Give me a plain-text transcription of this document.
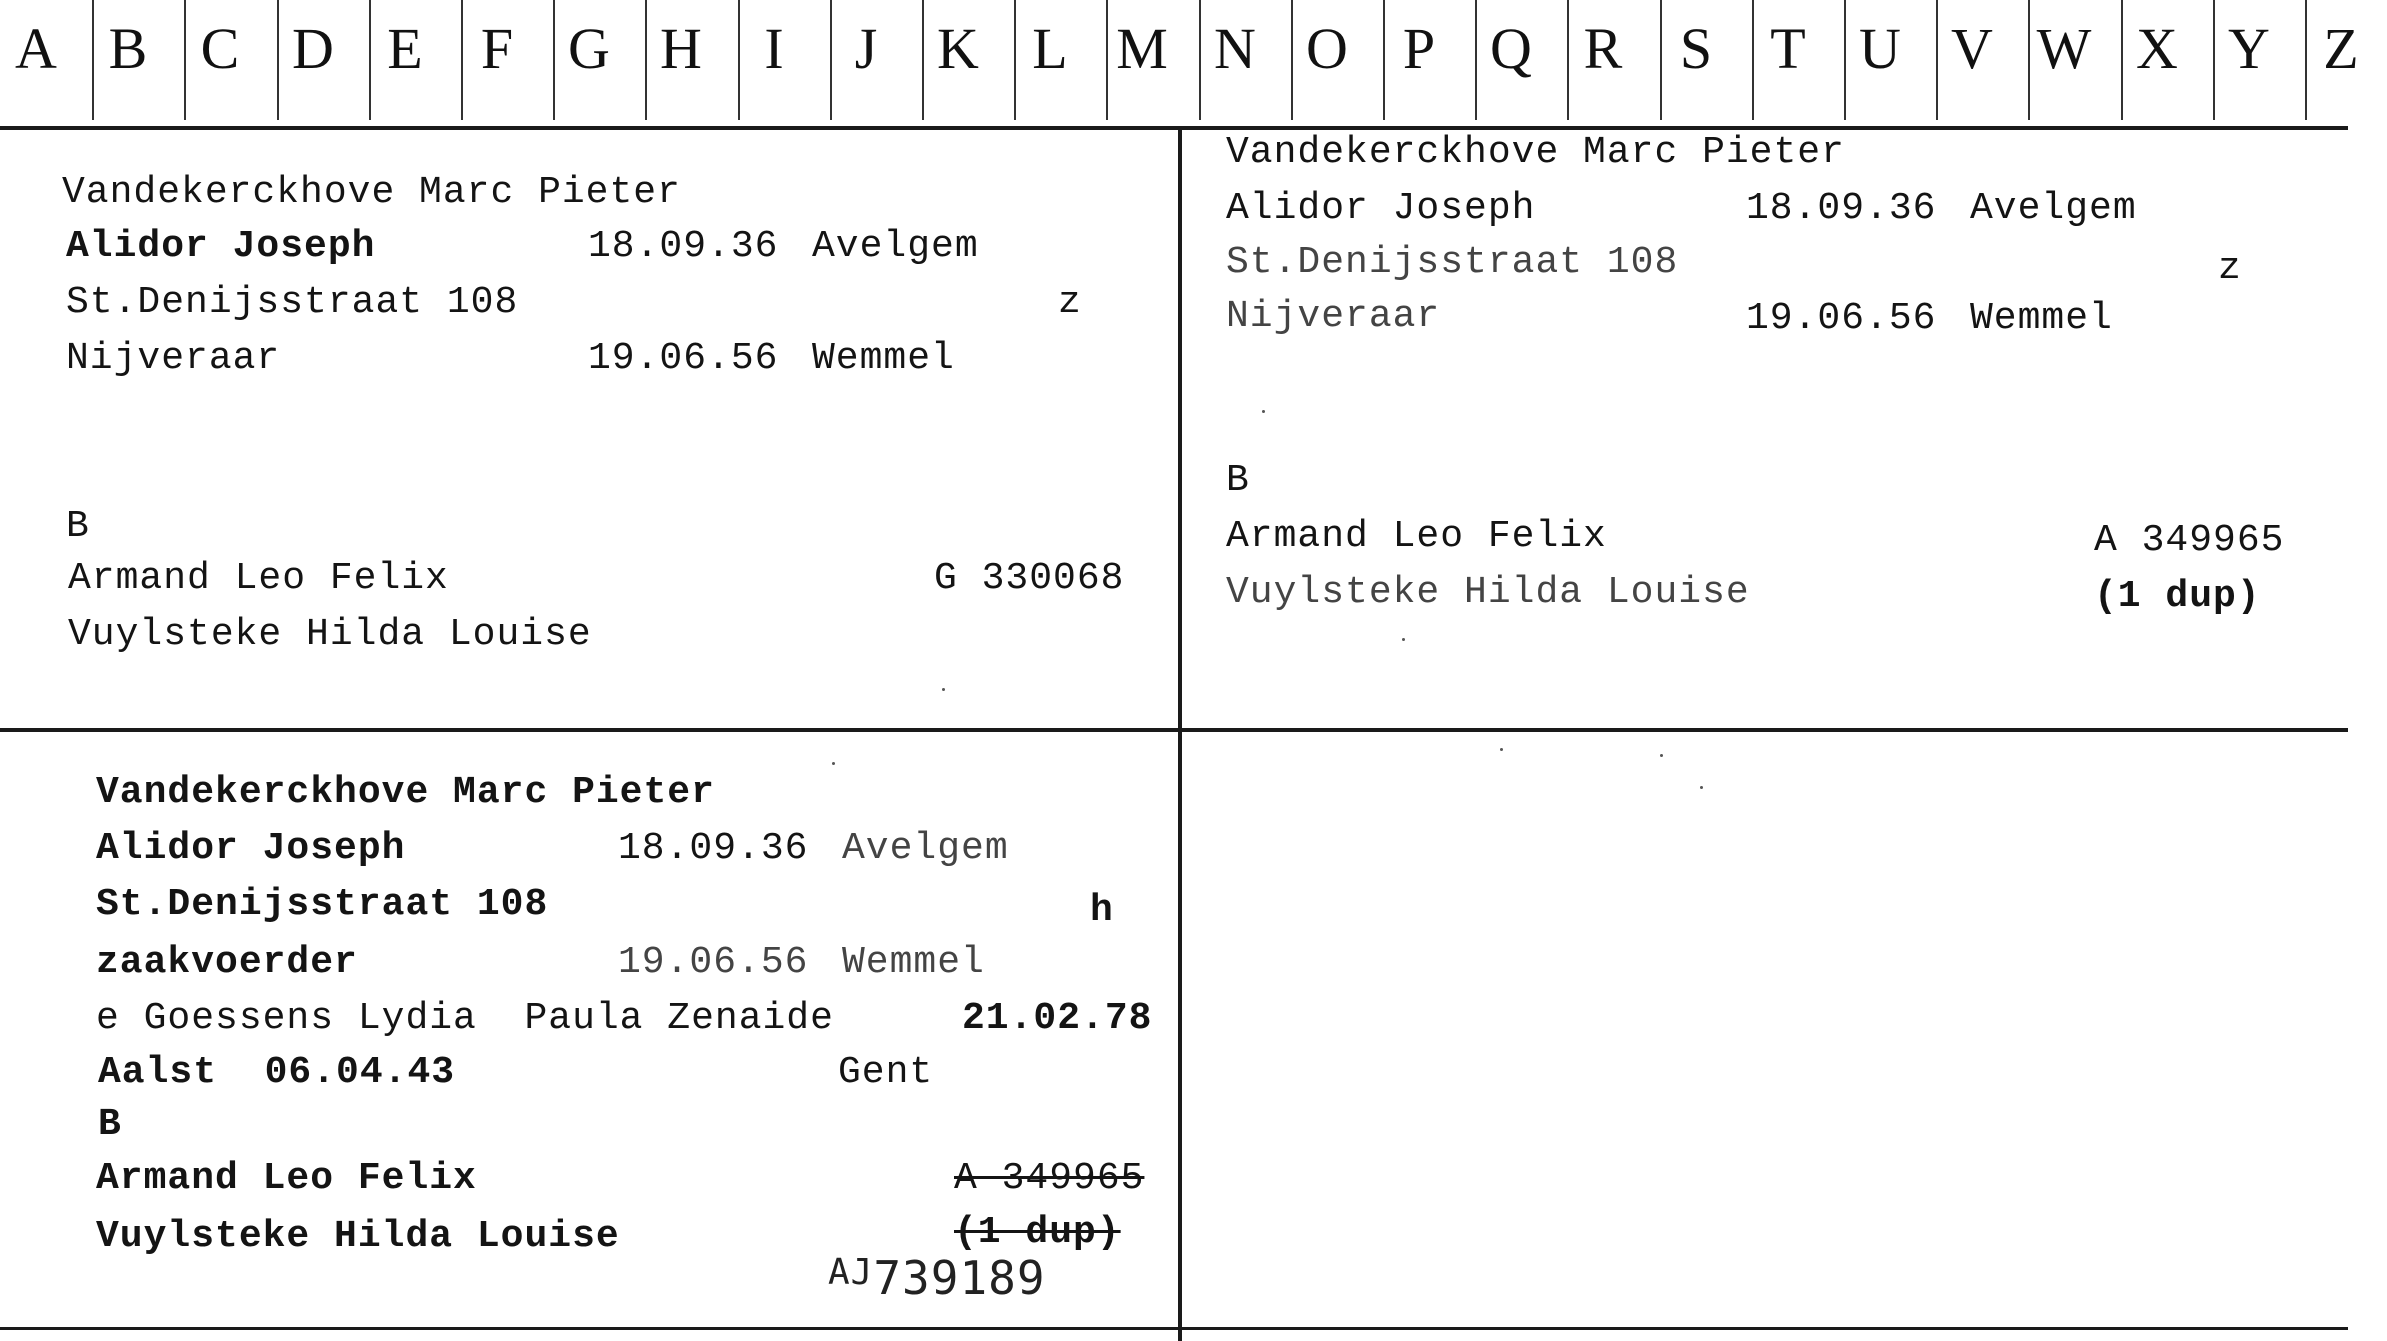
A B C D E	F G H	I	J	K L M N O P Q R S	T U V W X Y Z
Vandekerckhove Marc Pieter
Alidor Joseph	18.09.36 Avelgem
St.Denijsstraat 108	z
Nijveraar	19.06.56 Wemmel
B
Armand Leo Felix	G 330068
Vuylsteke Hilda Louise
Vandekerckhove Marc Pieter
Alidor Joseph	18.09.36 Avelgem
St.Denijsstraat 108	z
Nijveraar	19.06.56 Wemmel
B
Armand Leo Felix	A 349965
Vuylsteke Hilda Louise	(1 dup)
Vandekerckhove Marc Pieter
Alidor Joseph	18.09.36 Avelgem
St.Denijsstraat 108	h
zaakvoerder	19.06.56 Wemmel
e Goessens Lydia  Paula Zenaide	21.02.78
Aalst  06.04.43	Gent
B
Armand Leo Felix	A 349965
Vuylsteke Hilda Louise	(1 dup)
$^{AJ}$739189
